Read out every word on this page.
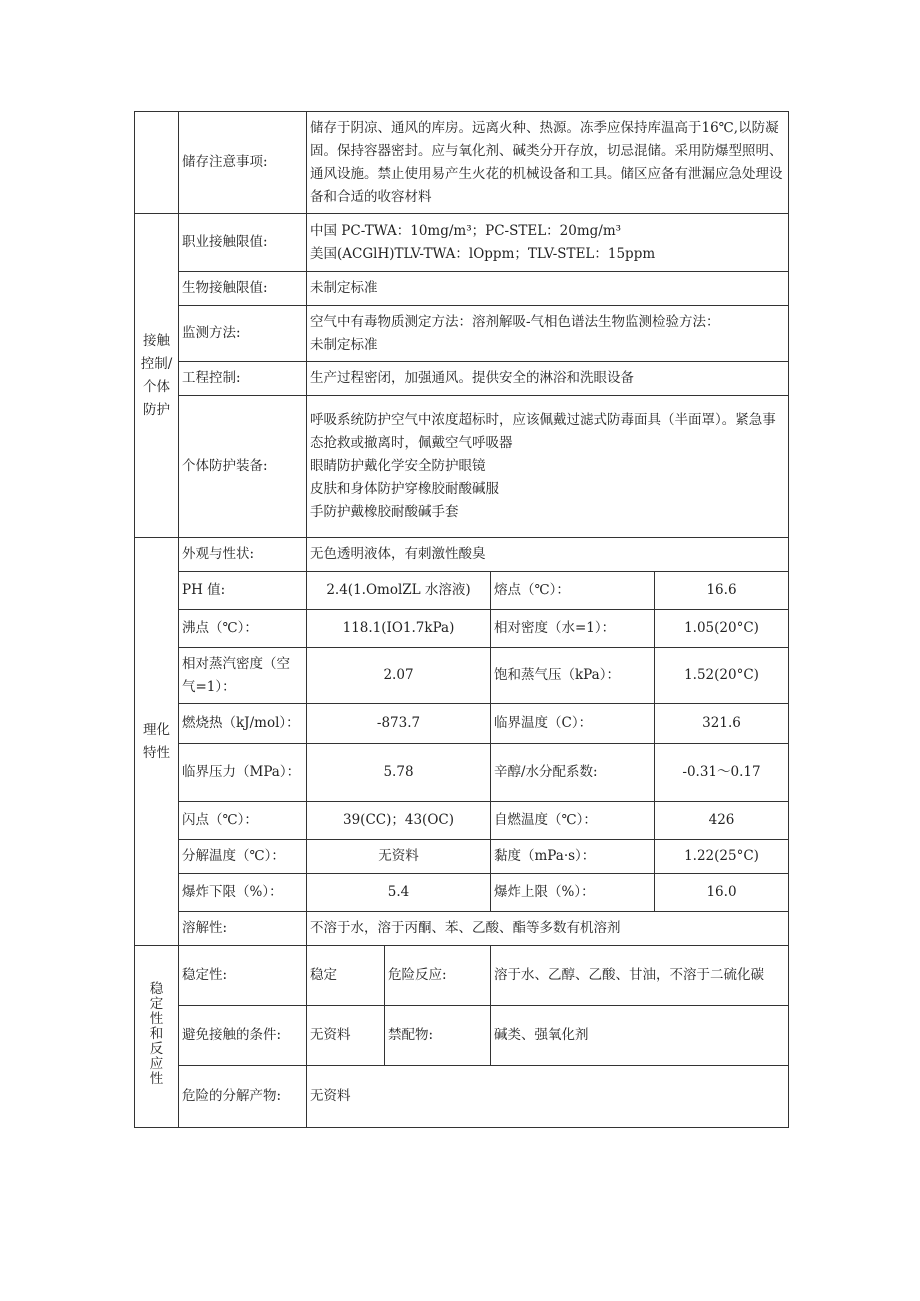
	储存注意事项:	储存于阴凉、通风的库房。远离火种、热源。冻季应保持库温高于16℃,以防凝固。保持容器密封。应与氧化剂、碱类分开存放，切忌混储。采用防爆型照明、通风设施。禁止使用易产生火花的机械设备和工具。储区应备有泄漏应急处理设备和合适的收容材料			
接触控制/个体防护	职业接触限值:	中国 PC-TWA：10mg/m³；PC-STEL：20mg/m³
美国(ACGlH)TLV-TWA：lOppm；TLV-STEL：15ppm			

	生物接触限值:	未制定标准			
	监测方法:	空气中有毒物质测定方法：溶剂解吸-气相色谱法生物监测检验方法：
未制定标准			

	工程控制:	生产过程密闭，加强通风。提供安全的淋浴和洗眼设备			
	个体防护装备:	呼吸系统防护空气中浓度超标时，应该佩戴过滤式防毒面具（半面罩）。紧急事态抢救或撤离时，佩戴空气呼吸器
眼睛防护戴化学安全防护眼镜
皮肤和身体防护穿橡胶耐酸碱服
手防护戴橡胶耐酸碱手套			

理化特性	外观与性状:	无色透明液体，有刺激性酸臭			
	PH 值:	2.4(1.OmolZL 水溶液)		熔点（℃）：	16.6
	沸点（℃）：	118.1(IO1.7kPa)		相对密度（水=1）：	1.05(20°C)
	相对蒸汽密度（空气=1）：	2.07		饱和蒸气压（kPa）：	1.52(20°C)
	燃烧热（kJ/mol）：	-873.7		临界温度（C）：	321.6
	临界压力（MPa）：	5.78		辛醇/水分配系数:	-0.31～0.17
	闪点（℃）：	39(CC)；43(OC)		自燃温度（℃）：	426
	分解温度（℃）：	无资料		黏度（mPa·s）：	1.22(25°C)
	爆炸下限（%）：	5.4		爆炸上限（%）：	16.0
	溶解性:	不溶于水，溶于丙酮、苯、乙酸、酯等多数有机溶剂			
稳定性和反应性	稳定性:	稳定	危险反应:	溶于水、乙醇、乙酸、甘油，不溶于二硫化碳	
	避免接触的条件:	无资料	禁配物:	碱类、强氧化剂	
	危险的分解产物:	无资料			
